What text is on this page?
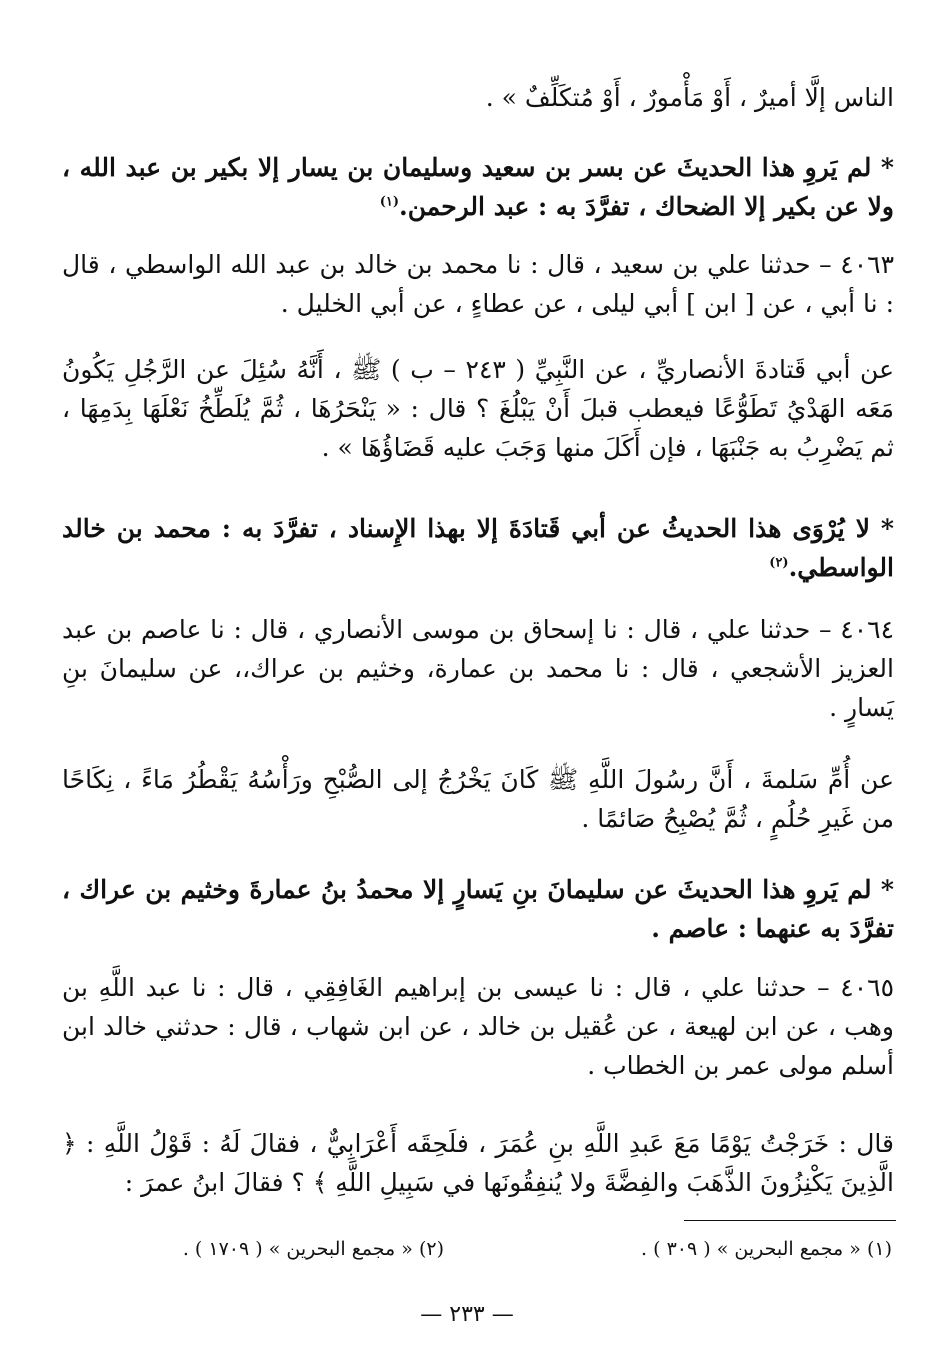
الناس إلَّا أميرٌ ، أَوْ مَأْمورٌ ، أَوْ مُتكَلِّفٌ » .

* لم يَروِ هذا الحديثَ عن بسر بن سعيد وسليمان بن يسار إلا بكير بن عبد الله ، ولا عن بكير إلا الضحاك ، تفرَّدَ به : عبد الرحمن.$^{(١)}$

٤٠٦٣ – حدثنا علي بن سعيد ، قال : نا محمد بن خالد بن عبد الله الواسطي ، قال : نا أبي ، عن [ ابن ] أبي ليلى ، عن عطاءٍ ، عن أبي الخليل .

عن أبي قَتادةَ الأنصاريِّ ، عن النَّبِيِّ ( ٢٤٣ – ب ) ﷺ ، أَنَّهُ سُئِلَ عن الرَّجُلِ يَكُونُ مَعَه الهَدْيُ تَطَوُّعًا فيعطب قبلَ أَنْ يَبْلُغَ ؟ قال : « يَنْحَرُهَا ، ثُمَّ يُلَطِّخُ نَعْلَهَا بِدَمِهَا ، ثم يَضْرِبُ به جَنْبَهَا ، فإن أَكَلَ منها وَجَبَ عليه قَضَاؤُهَا » .

* لا يُرْوَى هذا الحديثُ عن أبي قَتادَةَ إلا بهذا الإِسناد ، تفرَّدَ به : محمد بن خالد الواسطي.$^{(٢)}$

٤٠٦٤ – حدثنا علي ، قال : نا إسحاق بن موسى الأنصاري ، قال : نا عاصم بن عبد العزيز الأشجعي ، قال : نا محمد بن عمارة، وخثيم بن عراك،، عن سليمانَ بنِ يَسارٍ .

عن أُمِّ سَلمةَ ، أَنَّ رسُولَ اللَّهِ ﷺ كَانَ يَخْرُجُ إلى الصُّبْحِ ورَأْسُهُ يَقْطُرُ مَاءً ، نِكَاحًا من غَيرِ حُلُمٍ ، ثُمَّ يُصْبِحُ صَائمًا .

* لم يَروِ هذا الحديثَ عن سليمانَ بنِ يَسارٍ إلا محمدُ بنُ عمارةَ وخثيم بن عراك ، تفرَّدَ به عنهما : عاصم .

٤٠٦٥ – حدثنا علي ، قال : نا عيسى بن إبراهيم الغَافِقِي ، قال : نا عبد اللَّهِ بن وهب ، عن ابن لهيعة ، عن عُقيل بن خالد ، عن ابن شهاب ، قال : حدثني خالد ابن أسلم مولى عمر بن الخطاب .

قال : خَرَجْتُ يَوْمًا مَعَ عَبدِ اللَّهِ بنِ عُمَرَ ، فلَحِقَه أَعْرَابِيٌّ ، فقالَ لَهُ : قَوْلُ اللَّهِ : ﴿ الَّذِينَ يَكْنِزُونَ الذَّهَبَ والفِضَّةَ ولا يُنفِقُونَها في سَبِيلِ اللَّهِ ﴾ ؟ فقالَ ابنُ عمرَ :

(١) « مجمع البحرين » ( ٣٠٩ ) .
(٢) « مجمع البحرين » ( ١٧٠٩ ) .
— ٢٣٣ —
